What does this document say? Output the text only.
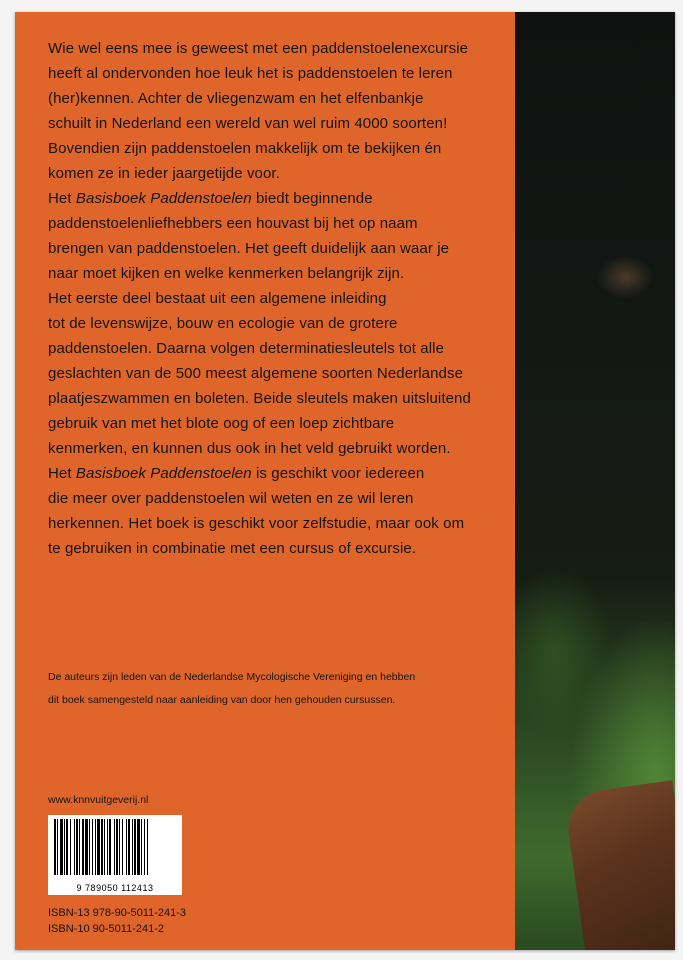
Wie wel eens mee is geweest met een paddenstoelenexcursie
heeft al ondervonden hoe leuk het is paddenstoelen te leren
(her)kennen. Achter de vliegenzwam en het elfenbankje
schuilt in Nederland een wereld van wel ruim 4000 soorten!
Bovendien zijn paddenstoelen makkelijk om te bekijken én
komen ze in ieder jaargetijde voor.

Het Basisboek Paddenstoelen biedt beginnende
paddenstoelenliefhebbers een houvast bij het op naam
brengen van paddenstoelen. Het geeft duidelijk aan waar je
naar moet kijken en welke kenmerken belangrijk zijn.

Het eerste deel bestaat uit een algemene inleiding
tot de levenswijze, bouw en ecologie van de grotere
paddenstoelen. Daarna volgen determinatiesleutels tot alle
geslachten van de 500 meest algemene soorten Nederlandse
plaatjeszwammen en boleten. Beide sleutels maken uitsluitend
gebruik van met het blote oog of een loep zichtbare
kenmerken, en kunnen dus ook in het veld gebruikt worden.

Het Basisboek Paddenstoelen is geschikt voor iedereen
die meer over paddenstoelen wil weten en ze wil leren
herkennen. Het boek is geschikt voor zelfstudie, maar ook om
te gebruiken in combinatie met een cursus of excursie.

De auteurs zijn leden van de Nederlandse Mycologische Vereniging en hebben
dit boek samengesteld naar aanleiding van door hen gehouden cursussen.
www.knnvuitgeverij.nl
9 789050 112413
ISBN-13 978-90-5011-241-3
ISBN-10 90-5011-241-2
